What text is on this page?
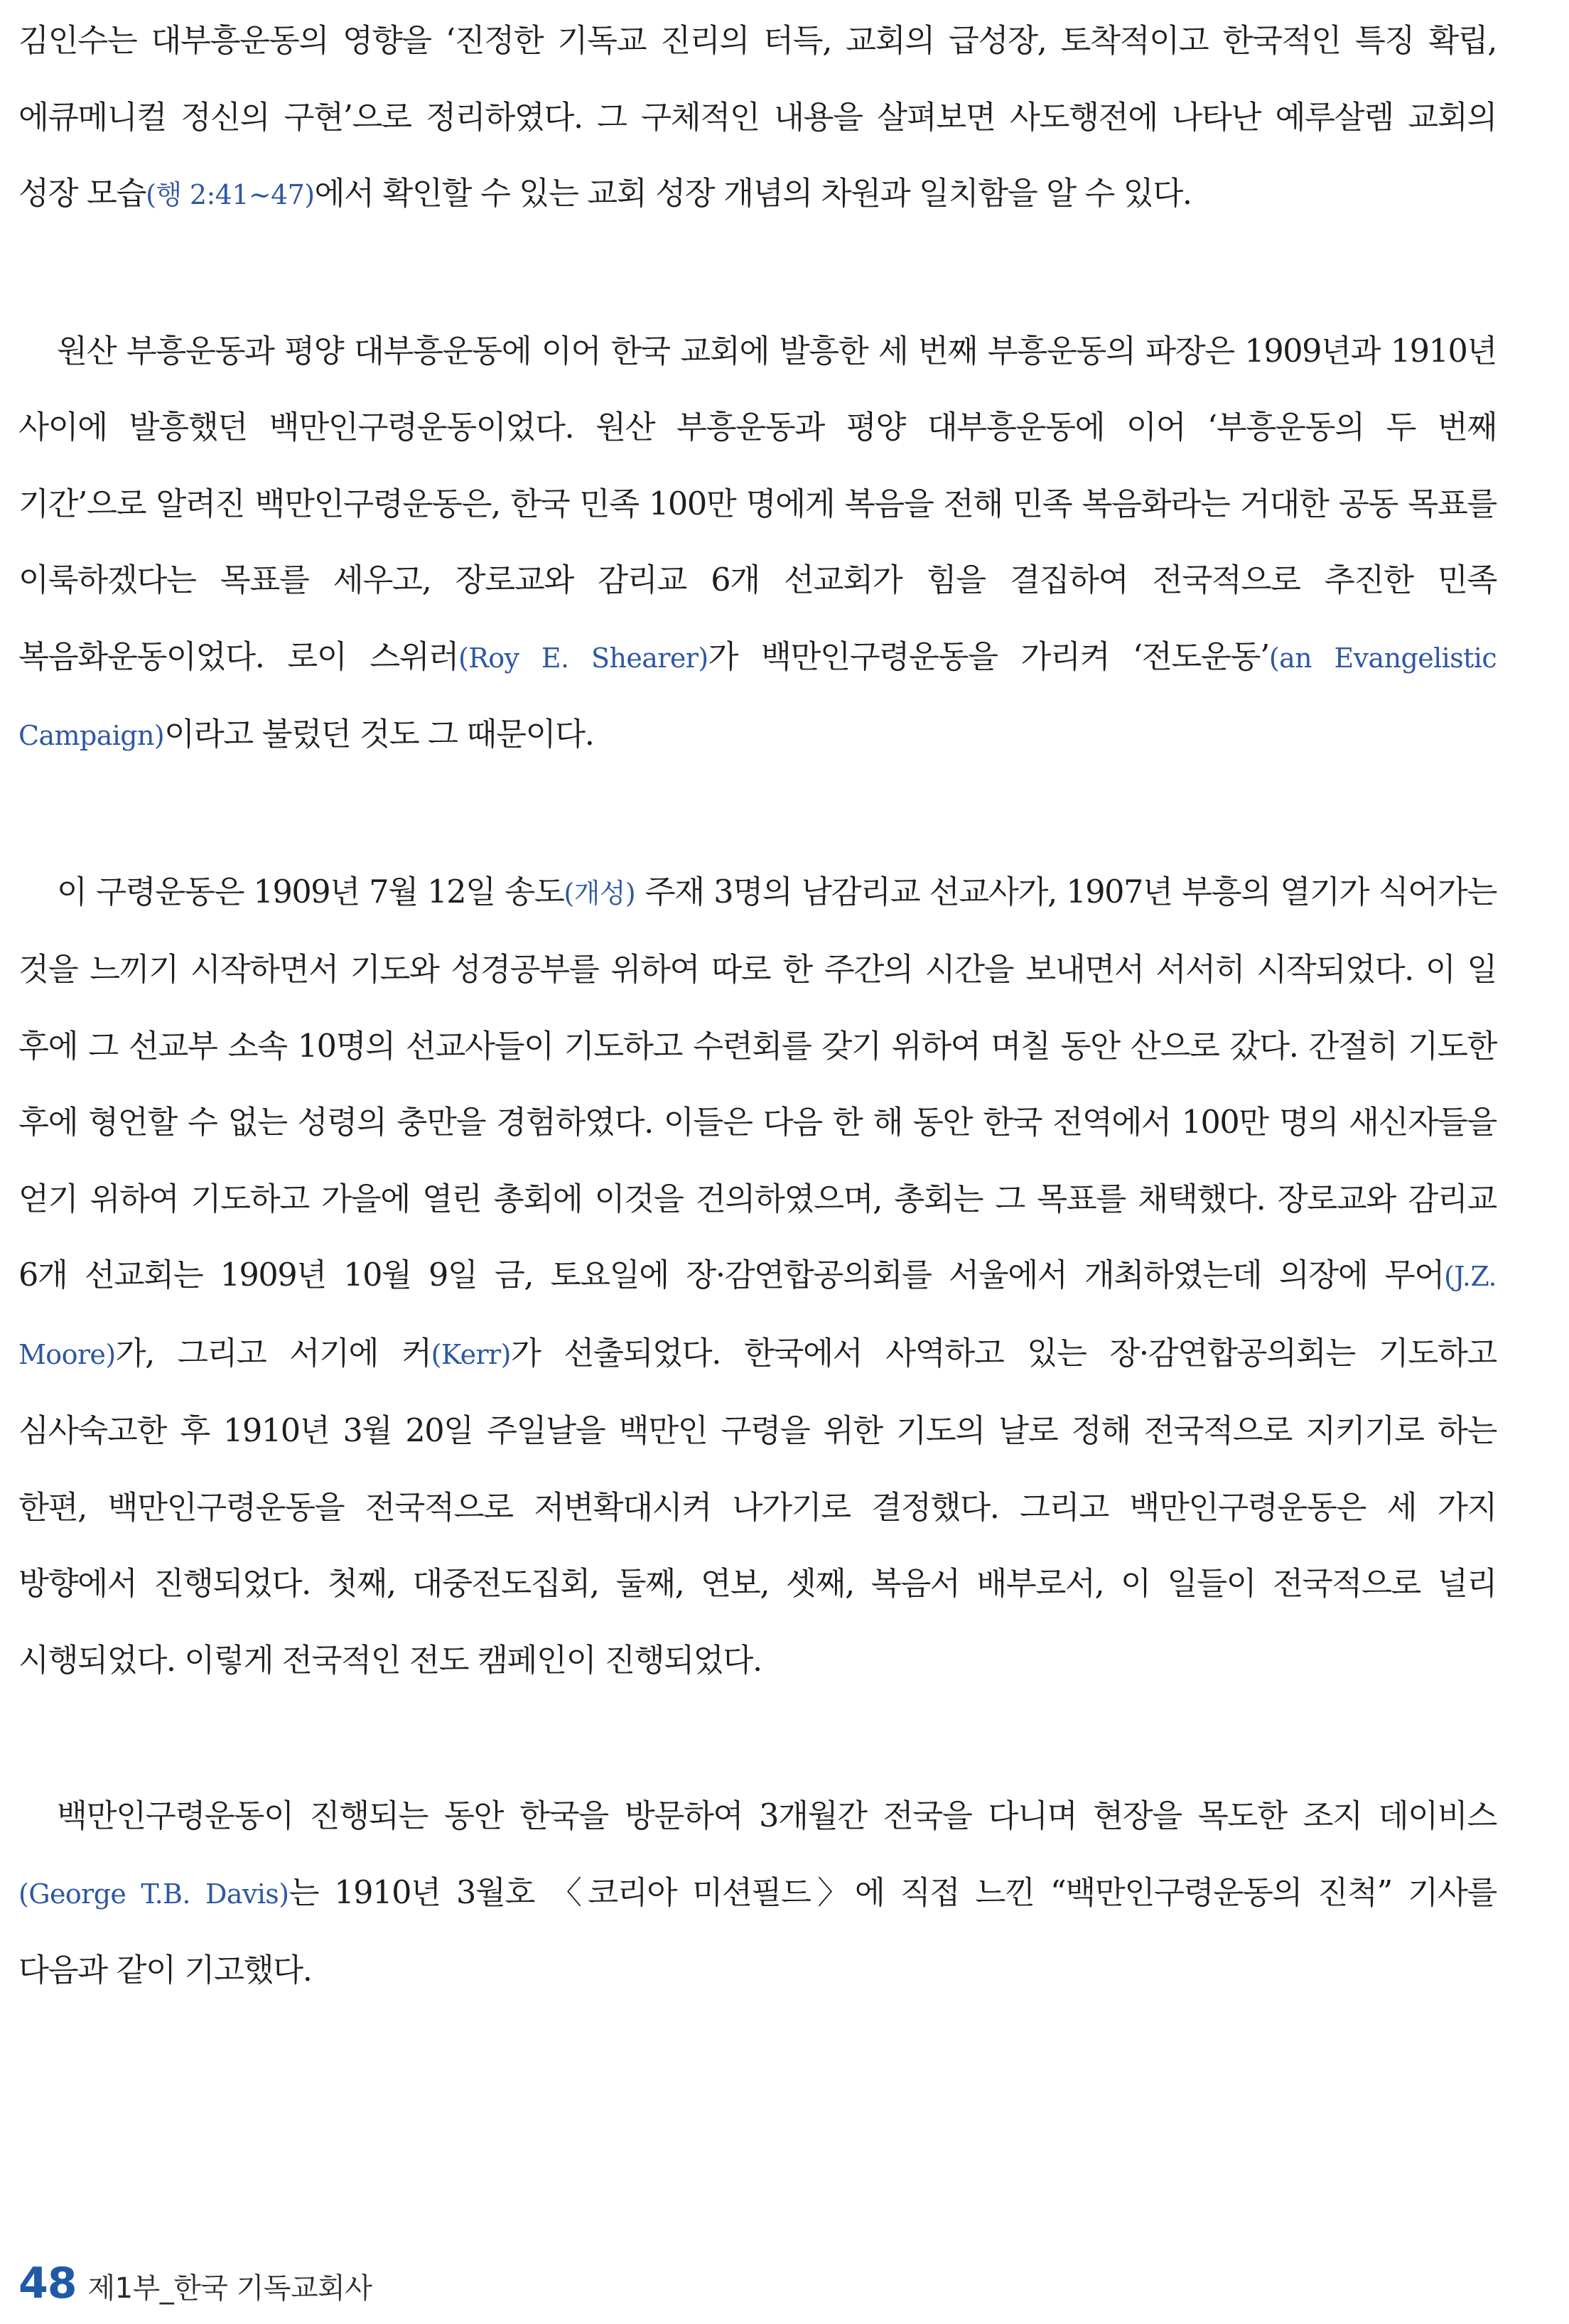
김인수는 대부흥운동의 영향을 ‘진정한 기독교 진리의 터득, 교회의 급성장, 토착적이고 한국적인 특징 확립, 에큐메니컬 정신의 구현’으로 정리하였다. 그 구체적인 내용을 살펴보면 사도행전에 나타난 예루살렘 교회의 성장 모습(행 2:41~47)에서 확인할 수 있는 교회 성장 개념의 차원과 일치함을 알 수 있다.

원산 부흥운동과 평양 대부흥운동에 이어 한국 교회에 발흥한 세 번째 부흥운동의 파장은 1909년과 1910년 사이에 발흥했던 백만인구령운동이었다. 원산 부흥운동과 평양 대부흥운동에 이어 ‘부흥운동의 두 번째 기간’으로 알려진 백만인구령운동은, 한국 민족 100만 명에게 복음을 전해 민족 복음화라는 거대한 공동 목표를 이룩하겠다는 목표를 세우고, 장로교와 감리교 6개 선교회가 힘을 결집하여 전국적으로 추진한 민족 복음화운동이었다. 로이 스위러(Roy E. Shearer)가 백만인구령운동을 가리켜 ‘전도운동’(an Evangelistic Campaign)이라고 불렀던 것도 그 때문이다.

이 구령운동은 1909년 7월 12일 송도(개성) 주재 3명의 남감리교 선교사가, 1907년 부흥의 열기가 식어가는 것을 느끼기 시작하면서 기도와 성경공부를 위하여 따로 한 주간의 시간을 보내면서 서서히 시작되었다. 이 일 후에 그 선교부 소속 10명의 선교사들이 기도하고 수련회를 갖기 위하여 며칠 동안 산으로 갔다. 간절히 기도한 후에 형언할 수 없는 성령의 충만을 경험하였다. 이들은 다음 한 해 동안 한국 전역에서 100만 명의 새신자들을 얻기 위하여 기도하고 가을에 열린 총회에 이것을 건의하였으며, 총회는 그 목표를 채택했다. 장로교와 감리교 6개 선교회는 1909년 10월 9일 금, 토요일에 장·감연합공의회를 서울에서 개최하였는데 의장에 무어(J.Z. Moore)가, 그리고 서기에 커(Kerr)가 선출되었다. 한국에서 사역하고 있는 장·감연합공의회는 기도하고 심사숙고한 후 1910년 3월 20일 주일날을 백만인 구령을 위한 기도의 날로 정해 전국적으로 지키기로 하는 한편, 백만인구령운동을 전국적으로 저변확대시켜 나가기로 결정했다. 그리고 백만인구령운동은 세 가지 방향에서 진행되었다. 첫째, 대중전도집회, 둘째, 연보, 셋째, 복음서 배부로서, 이 일들이 전국적으로 널리 시행되었다. 이렇게 전국적인 전도 캠페인이 진행되었다.

백만인구령운동이 진행되는 동안 한국을 방문하여 3개월간 전국을 다니며 현장을 목도한 조지 데이비스(George T.B. Davis)는 1910년 3월호 〈코리아 미션필드〉에 직접 느낀 “백만인구령운동의 진척” 기사를 다음과 같이 기고했다.

48 제1부_한국 기독교회사
